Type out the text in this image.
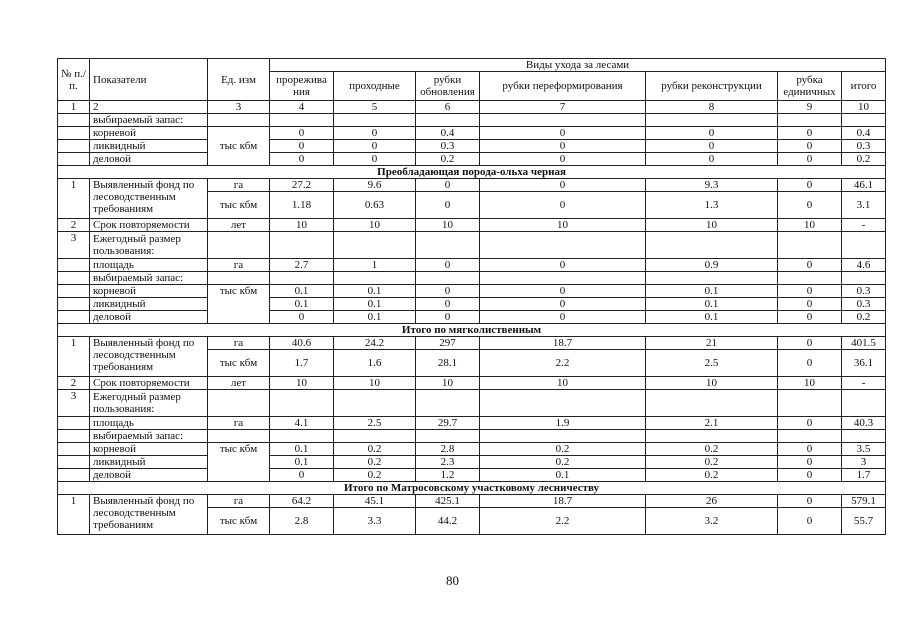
№ п./п.	Показатели	Ед. изм	Виды ухода за лесами						
			прорежива ния	проходные	рубки обновления	рубки переформирования	рубки реконструкции	рубка единичных	итого
1	2	3	4	5	6	7	8	9	10
	выбираемый запас:								
	корневой	тыс кбм	0	0	0.4	0	0	0	0.4
	ликвидный		0	0	0.3	0	0	0	0.3
	деловой		0	0	0.2	0	0	0	0.2
Преобладающая порода-ольха черная									
1	Выявленный фонд по лесоводственным требованиям	га	27.2	9.6	0	0	9.3	0	46.1
		тыс кбм	1.18	0.63	0	0	1.3	0	3.1
2	Срок повторяемости	лет	10	10	10	10	10	10	-
3	Ежегодный размер пользования:								
	площадь	га	2.7	1	0	0	0.9	0	4.6
	выбираемый запас:								
	корневой	тыс кбм	0.1	0.1	0	0	0.1	0	0.3
	ликвидный		0.1	0.1	0	0	0.1	0	0.3
	деловой		0	0.1	0	0	0.1	0	0.2
Итого по мягколиственным									
1	Выявленный фонд по лесоводственным требованиям	га	40.6	24.2	297	18.7	21	0	401.5
		тыс кбм	1.7	1.6	28.1	2.2	2.5	0	36.1
2	Срок повторяемости	лет	10	10	10	10	10	10	-
3	Ежегодный размер пользования:								
	площадь	га	4.1	2.5	29.7	1.9	2.1	0	40.3
	выбираемый запас:								
	корневой	тыс кбм	0.1	0.2	2.8	0.2	0.2	0	3.5
	ликвидный		0.1	0.2	2.3	0.2	0.2	0	3
	деловой		0	0.2	1.2	0.1	0.2	0	1.7
Итого по Матросовскому участковому лесничеству									
1	Выявленный фонд по лесоводственным требованиям	га	64.2	45.1	425.1	18.7	26	0	579.1
		тыс кбм	2.8	3.3	44.2	2.2	3.2	0	55.7
80
